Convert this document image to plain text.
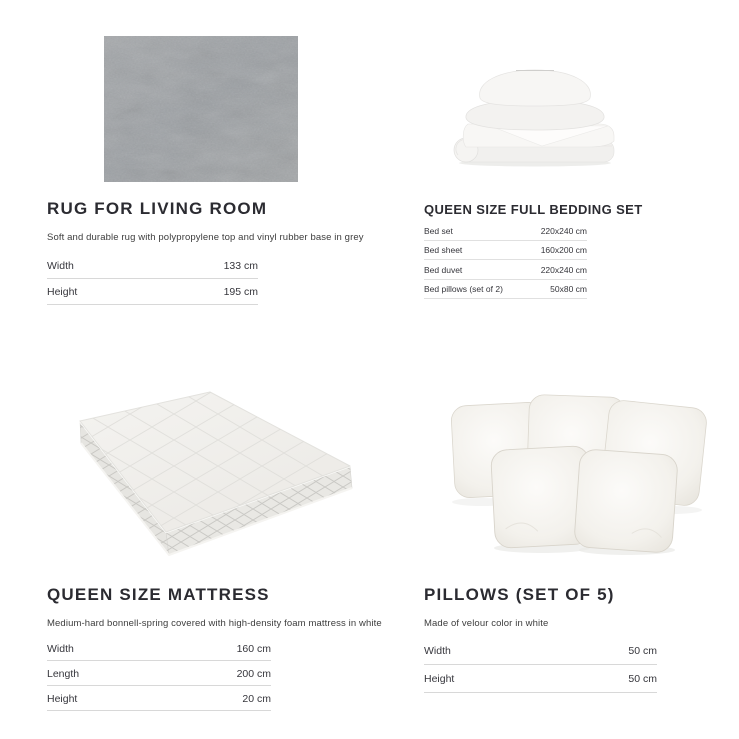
RUG FOR LIVING ROOM
Soft and durable rug with polypropylene top and vinyl rubber base in grey
Width	133 cm
Height	195 cm
QUEEN SIZE FULL BEDDING SET
Bed set	220x240 cm
Bed sheet	160x200 cm
Bed duvet	220x240 cm
Bed pillows (set of 2)	50x80 cm
QUEEN SIZE MATTRESS
Medium-hard bonnell-spring covered with high-density foam mattress in white
Width	160 cm
Length	200 cm
Height	20 cm
PILLOWS (SET OF 5)
Made of velour color in white
Width	50 cm
Height	50 cm
